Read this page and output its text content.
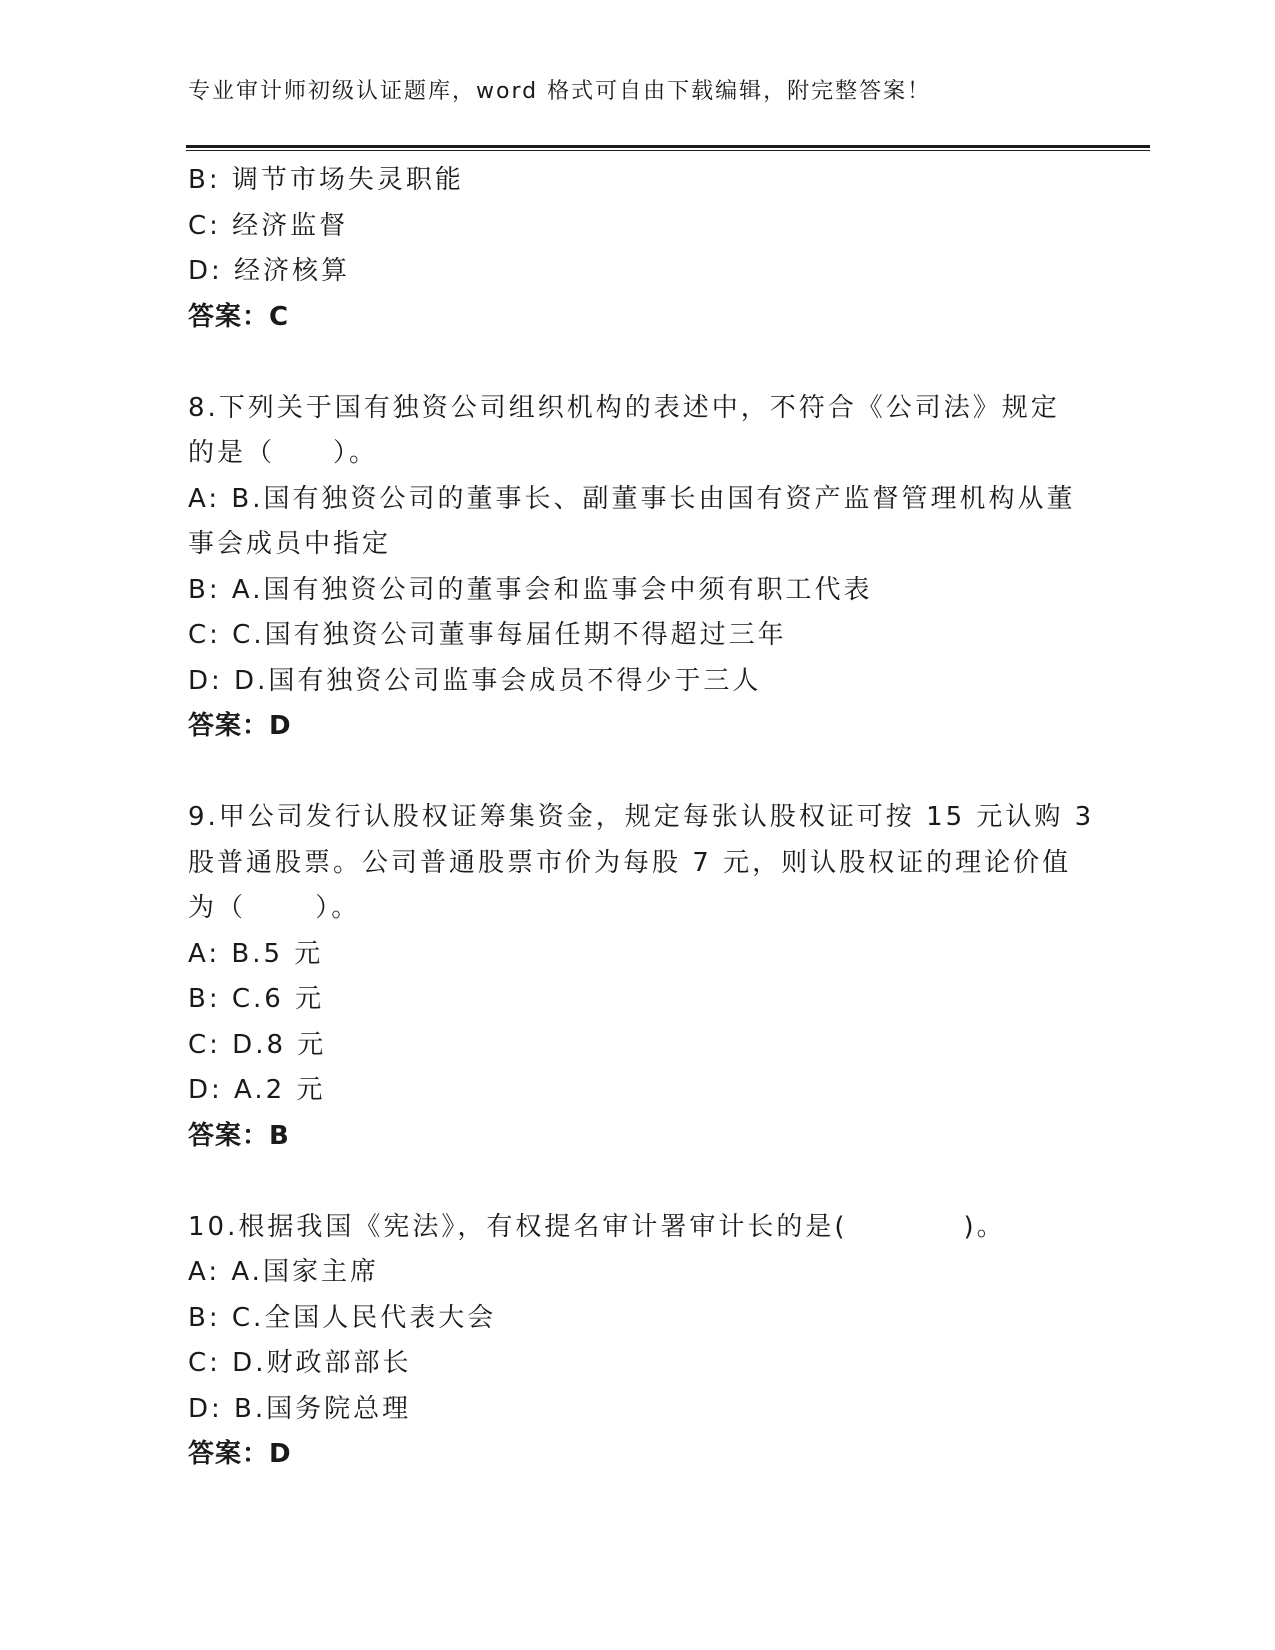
专业审计师初级认证题库，word 格式可自由下载编辑，附完整答案！
B: 调节市场失灵职能
C: 经济监督
D: 经济核算
答案：C
8.下列关于国有独资公司组织机构的表述中，不符合《公司法》规定
的是（　　）。
A: B.国有独资公司的董事长、副董事长由国有资产监督管理机构从董
事会成员中指定
B: A.国有独资公司的董事会和监事会中须有职工代表
C: C.国有独资公司董事每届任期不得超过三年
D: D.国有独资公司监事会成员不得少于三人
答案：D
9.甲公司发行认股权证筹集资金，规定每张认股权证可按 15 元认购 3
股普通股票。公司普通股票市价为每股 7 元，则认股权证的理论价值
为（　　 ）。
A: B.5 元
B: C.6 元
C: D.8 元
D: A.2 元
答案：B
10.根据我国《宪法》，有权提名审计署审计长的是(　　　　)。
A: A.国家主席
B: C.全国人民代表大会
C: D.财政部部长
D: B.国务院总理
答案：D
